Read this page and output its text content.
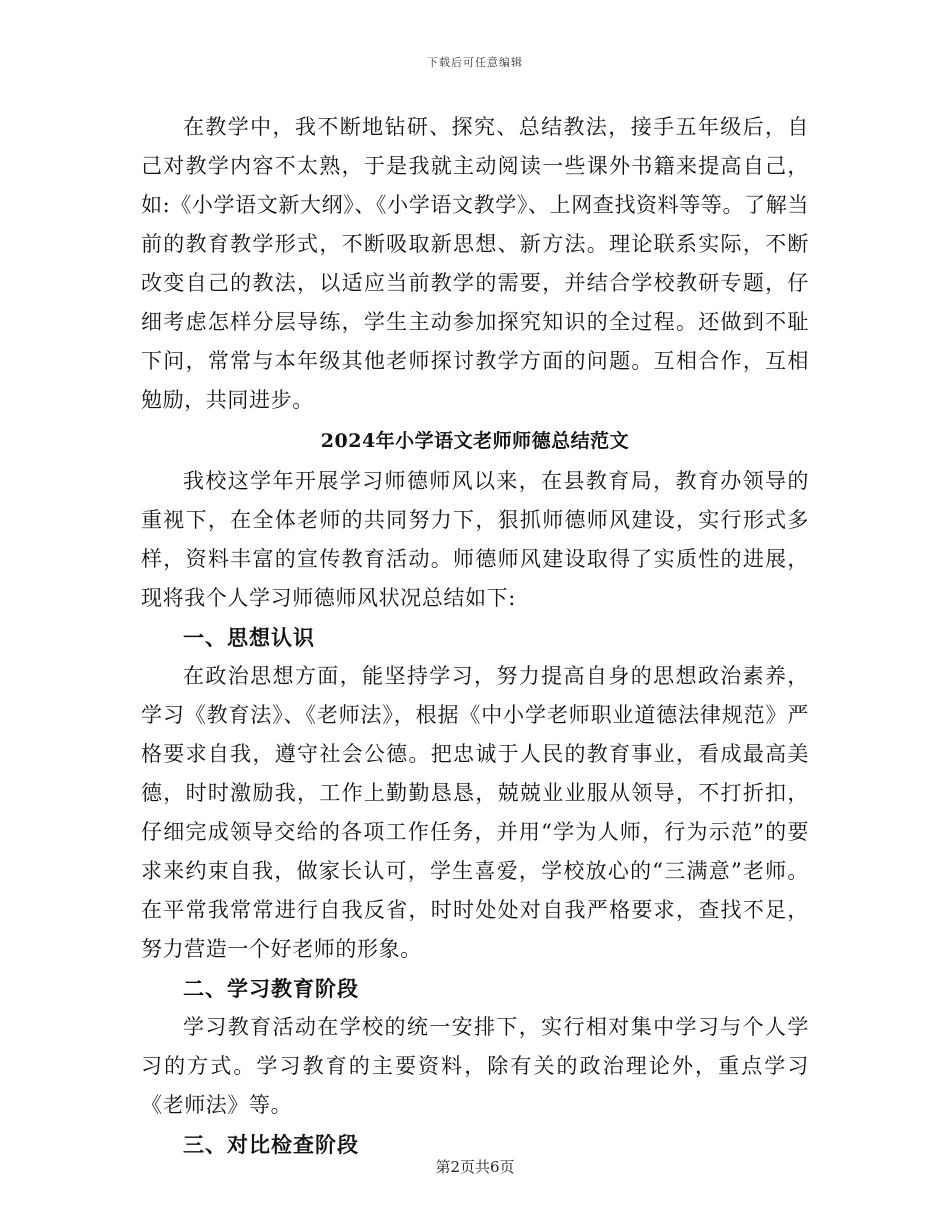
下载后可任意编辑

在教学中，我不断地钻研、探究、总结教法，接手五年级后，自己对教学内容不太熟，于是我就主动阅读一些课外书籍来提高自己，如:《小学语文新大纲》、《小学语文教学》、上网查找资料等等。了解当前的教育教学形式，不断吸取新思想、新方法。理论联系实际，不断改变自己的教法，以适应当前教学的需要，并结合学校教研专题，仔细考虑怎样分层导练，学生主动参加探究知识的全过程。还做到不耻下问，常常与本年级其他老师探讨教学方面的问题。互相合作，互相勉励，共同进步。

2024年小学语文老师师德总结范文

我校这学年开展学习师德师风以来，在县教育局，教育办领导的重视下，在全体老师的共同努力下，狠抓师德师风建设，实行形式多样，资料丰富的宣传教育活动。师德师风建设取得了实质性的进展，现将我个人学习师德师风状况总结如下:

一、思想认识

在政治思想方面，能坚持学习，努力提高自身的思想政治素养，学习《教育法》、《老师法》，根据《中小学老师职业道德法律规范》严格要求自我，遵守社会公德。把忠诚于人民的教育事业，看成最高美德，时时激励我，工作上勤勤恳恳，兢兢业业服从领导，不打折扣，仔细完成领导交给的各项工作任务，并用“学为人师，行为示范”的要求来约束自我，做家长认可，学生喜爱，学校放心的“三满意”老师。在平常我常常进行自我反省，时时处处对自我严格要求，查找不足，努力营造一个好老师的形象。

二、学习教育阶段

学习教育活动在学校的统一安排下，实行相对集中学习与个人学习的方式。学习教育的主要资料，除有关的政治理论外，重点学习《老师法》等。

三、对比检查阶段
第2页共6页
